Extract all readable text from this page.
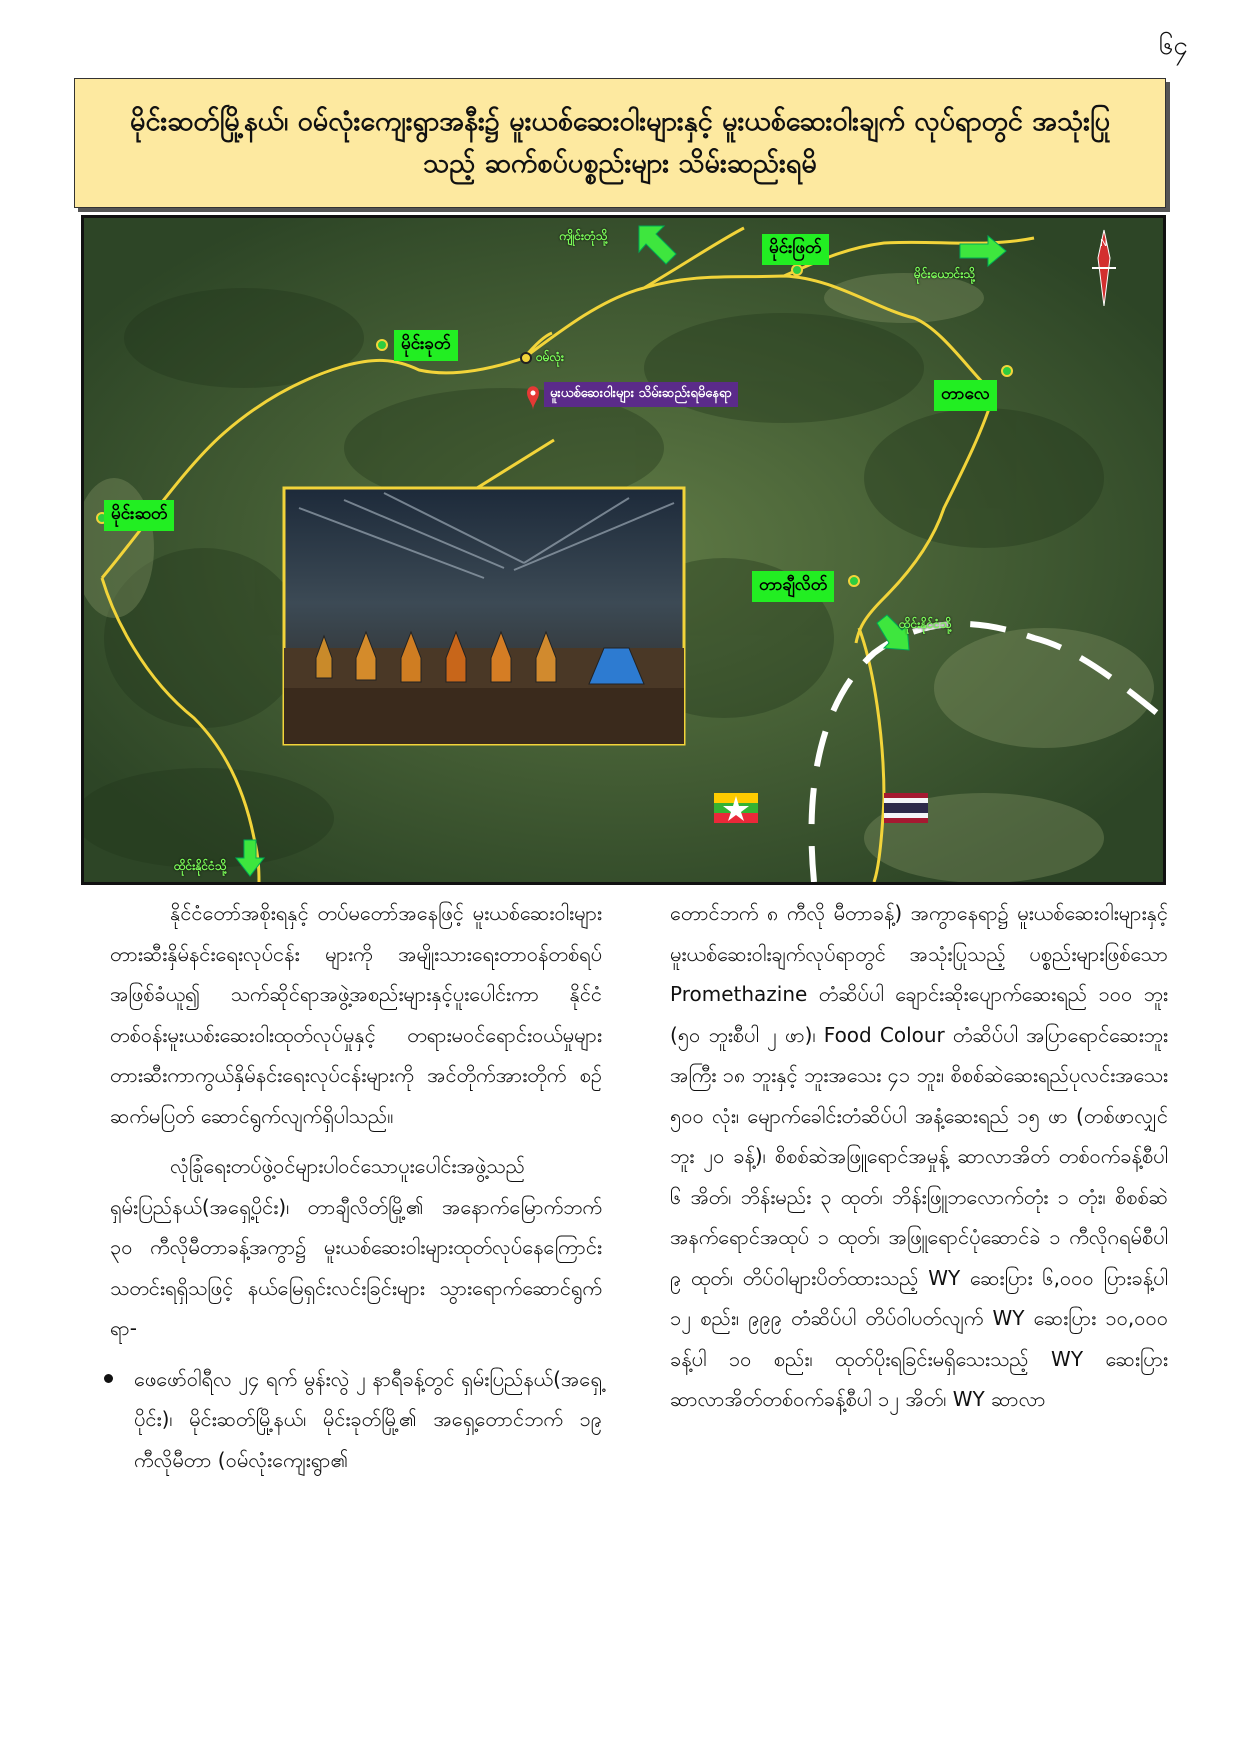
၆၄
မိုင်းဆတ်မြို့နယ်၊ ဝမ်လုံးကျေးရွာအနီး၌ မူးယစ်ဆေးဝါးများနှင့် မူးယစ်ဆေးဝါးချက် လုပ်ရာတွင် အသုံးပြုသည့် ဆက်စပ်ပစ္စည်းများ သိမ်းဆည်းရမိ
N
မိုင်းဆတ်
မိုင်းခုတ်
ဝမ်လုံး
မိုင်းဖြတ်
တာလေ
တာချီလိတ်
မူးယစ်ဆေးဝါးများ သိမ်းဆည်းရမိနေရာ
ကျိုင်းတုံသို့
မိုင်းယောင်းသို့
ထိုင်းနိုင်ငံသို့
ထိုင်းနိုင်ငံသို့

နိုင်ငံတော်အစိုးရနှင့် တပ်မတော်အနေဖြင့် မူးယစ်ဆေးဝါးများ တားဆီးနှိမ်နင်းရေးလုပ်ငန်း များကို အမျိုးသားရေးတာဝန်တစ်ရပ်အဖြစ်ခံယူ၍ သက်ဆိုင်ရာအဖွဲ့အစည်းများနှင့်ပူးပေါင်းကာ နိုင်ငံတစ်ဝန်းမူးယစ်းဆေးဝါးထုတ်လုပ်မှုနှင့် တရားမဝင်ရောင်းဝယ်မှုများ တားဆီးကာကွယ်နှိမ်နင်းရေးလုပ်ငန်းများကို အင်တိုက်အားတိုက် စဉ်ဆက်မပြတ် ဆောင်ရွက်လျက်ရှိပါသည်။

လုံခြုံရေးတပ်ဖွဲ့ဝင်များပါဝင်သောပူးပေါင်းအဖွဲ့သည် ရှမ်းပြည်နယ်(အရှေ့ပိုင်း)၊ တာချီလိတ်မြို့၏ အနောက်မြောက်ဘက် ၃၀ ကီလိုမီတာခန့်အကွာ၌ မူးယစ်ဆေးဝါးများထုတ်လုပ်နေကြောင်း သတင်းရရှိသဖြင့် နယ်မြေရှင်းလင်းခြင်းများ သွားရောက်ဆောင်ရွက်ရာ-

ဖေဖော်ဝါရီလ ၂၄ ရက် မွန်းလွဲ ၂ နာရီခန့်တွင် ရှမ်းပြည်နယ်(အရှေ့ပိုင်း)၊ မိုင်းဆတ်မြို့နယ်၊ မိုင်းခုတ်မြို့၏ အရှေ့တောင်ဘက် ၁၉ ကီလိုမီတာ (ဝမ်လုံးကျေးရွာ၏

တောင်ဘက် ၈ ကီလို မီတာခန့်) အကွာနေရာ၌ မူးယစ်ဆေးဝါးများနှင့် မူးယစ်ဆေးဝါးချက်လုပ်ရာတွင် အသုံးပြုသည့် ပစ္စည်းများဖြစ်သော Promethazine တံဆိပ်ပါ ချောင်းဆိုးပျောက်ဆေးရည် ၁၀၀ ဘူး (၅၀ ဘူးစီပါ ၂ ဖာ)၊ Food Colour တံဆိပ်ပါ အပြာရောင်ဆေးဘူးအကြီး ၁၈ ဘူးနှင့် ဘူးအသေး ၄၁ ဘူး၊ စိစစ်ဆဲဆေးရည်ပုလင်းအသေး ၅၀၀ လုံး၊ မျောက်ခေါင်းတံဆိပ်ပါ အနံ့ဆေးရည် ၁၅ ဖာ (တစ်ဖာလျှင် ဘူး ၂၀ ခန့်)၊ စိစစ်ဆဲအဖြူရောင်အမှုန့် ဆာလာအိတ် တစ်ဝက်ခန့်စီပါ ၆ အိတ်၊ ဘိန်းမည်း ၃ ထုတ်၊ ဘိန်းဖြူဘလောက်တုံး ၁ တုံး၊ စိစစ်ဆဲ အနက်ရောင်အထုပ် ၁ ထုတ်၊ အဖြူရောင်ပုံဆောင်ခဲ ၁ ကီလိုဂရမ်စီပါ ၉ ထုတ်၊ တိပ်ဝါများပိတ်ထားသည့် WY ဆေးပြား ၆,၀၀၀ ပြားခန့်ပါ ၁၂ စည်း၊ ၉၉၉ တံဆိပ်ပါ တိပ်ဝါပတ်လျက် WY ဆေးပြား ၁၀,၀၀၀ ခန့်ပါ ၁၀ စည်း၊ ထုတ်ပိုးရခြင်းမရှိသေးသည့် WY ဆေးပြား ဆာလာအိတ်တစ်ဝက်ခန့်စီပါ ၁၂ အိတ်၊ WY ဆာလာ
